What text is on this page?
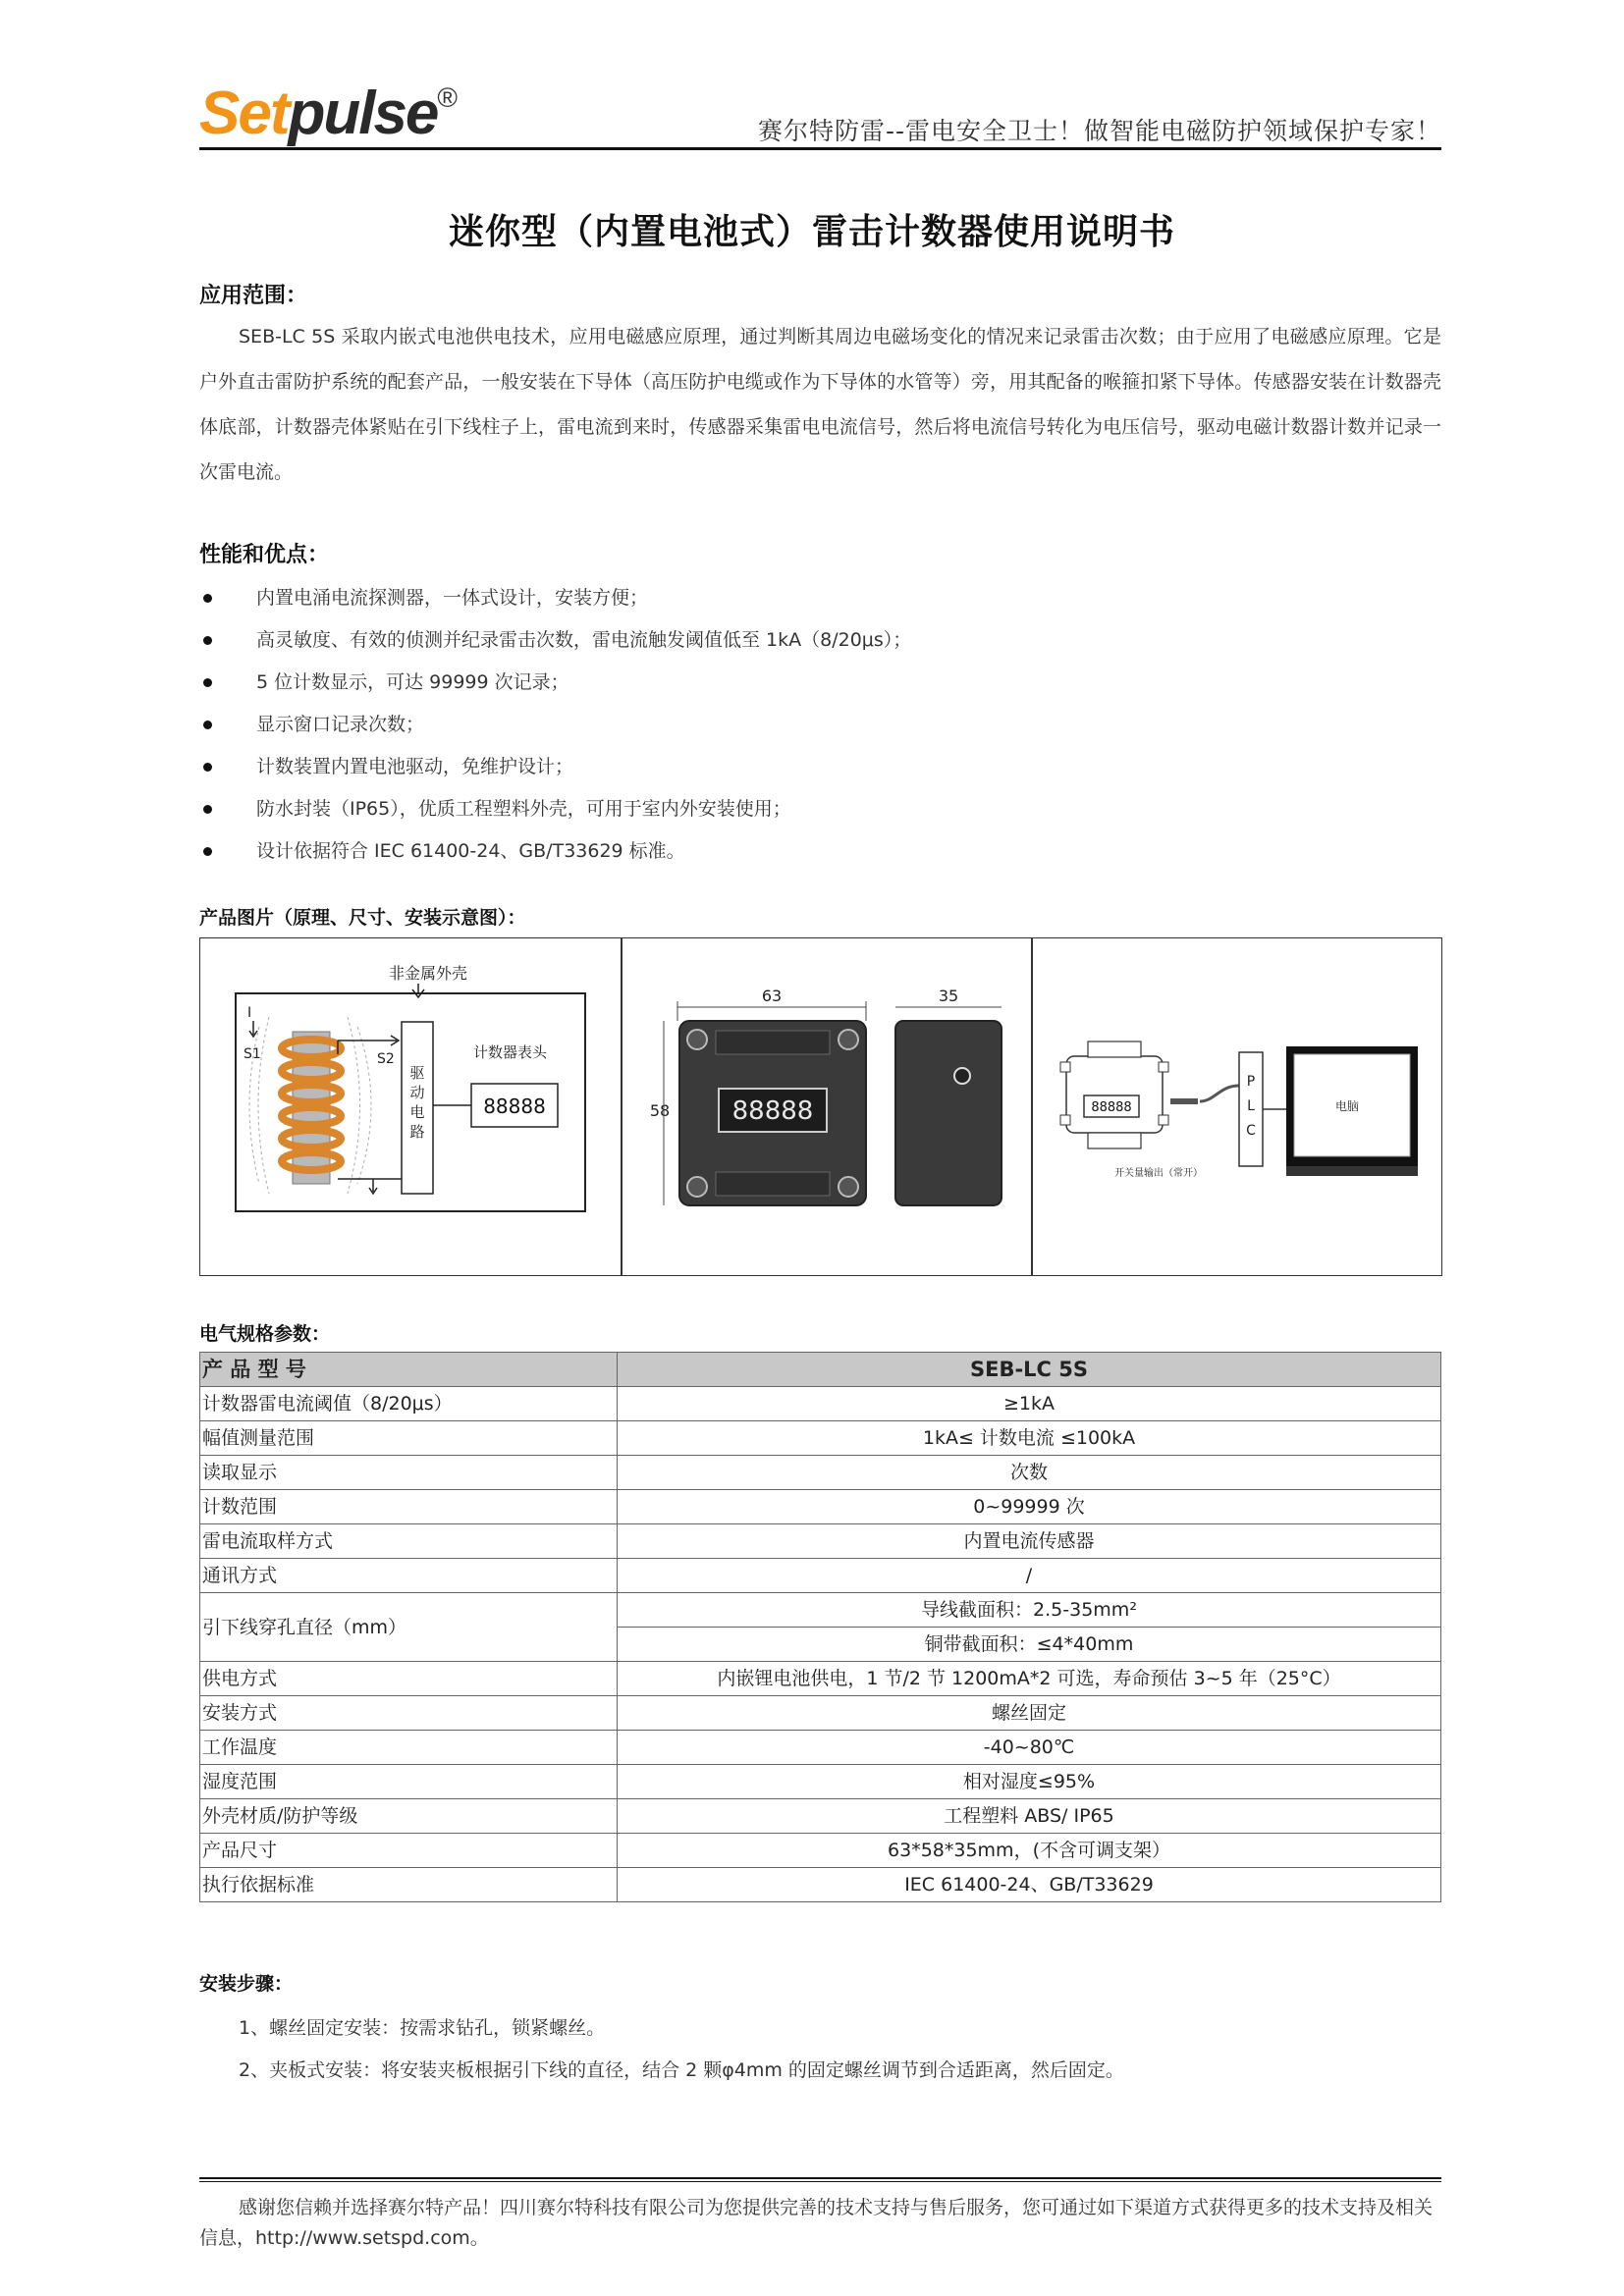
Setpulse®
赛尔特防雷--雷电安全卫士！做智能电磁防护领域保护专家！
迷你型（内置电池式）雷击计数器使用说明书
应用范围：

SEB-LC 5S 采取内嵌式电池供电技术，应用电磁感应原理，通过判断其周边电磁场变化的情况来记录雷击次数；由于应用了电磁感应原理。它是户外直击雷防护系统的配套产品，一般安装在下导体（高压防护电缆或作为下导体的水管等）旁，用其配备的喉箍扣紧下导体。传感器安装在计数器壳体底部，计数器壳体紧贴在引下线柱子上，雷电流到来时，传感器采集雷电电流信号，然后将电流信号转化为电压信号，驱动电磁计数器计数并记录一次雷电流。

性能和优点：
内置电涌电流探测器，一体式设计，安装方便；
高灵敏度、有效的侦测并纪录雷击次数，雷电流触发阈值低至 1kA（8/20μs）；
5 位计数显示，可达 99999 次记录；
显示窗口记录次数；
计数装置内置电池驱动，免维护设计；
防水封装（IP65），优质工程塑料外壳，可用于室内外安装使用；
设计依据符合 IEC 61400-24、GB/T33629 标准。
产品图片（原理、尺寸、安装示意图）：
非金属外壳
I
S1	S2
驱
动
电
路
计数器表头
88888
63
58 88888
35
88888
P
L
C
开关量输出（常开）
电脑
电气规格参数：
产 品 型 号	SEB-LC 5S
计数器雷电流阈值（8/20μs）	≥1kA
幅值测量范围	1kA≤ 计数电流 ≤100kA
读取显示	次数
计数范围	0~99999 次
雷电流取样方式	内置电流传感器
通讯方式	/
引下线穿孔直径（mm）	导线截面积：2.5-35mm²
	铜带截面积：≤4*40mm
供电方式	内嵌锂电池供电，1 节/2 节 1200mA*2 可选，寿命预估 3~5 年（25°C）
安装方式	螺丝固定
工作温度	-40~80℃
湿度范围	相对湿度≤95%
外壳材质/防护等级	工程塑料 ABS/ IP65
产品尺寸	63*58*35mm，(不含可调支架）
执行依据标准	IEC 61400-24、GB/T33629
安装步骤：
1、螺丝固定安装：按需求钻孔，锁紧螺丝。
2、夹板式安装：将安装夹板根据引下线的直径，结合 2 颗φ4mm 的固定螺丝调节到合适距离，然后固定。
感谢您信赖并选择赛尔特产品！四川赛尔特科技有限公司为您提供完善的技术支持与售后服务，您可通过如下渠道方式获得更多的技术支持及相关信息，http://www.setspd.com。
